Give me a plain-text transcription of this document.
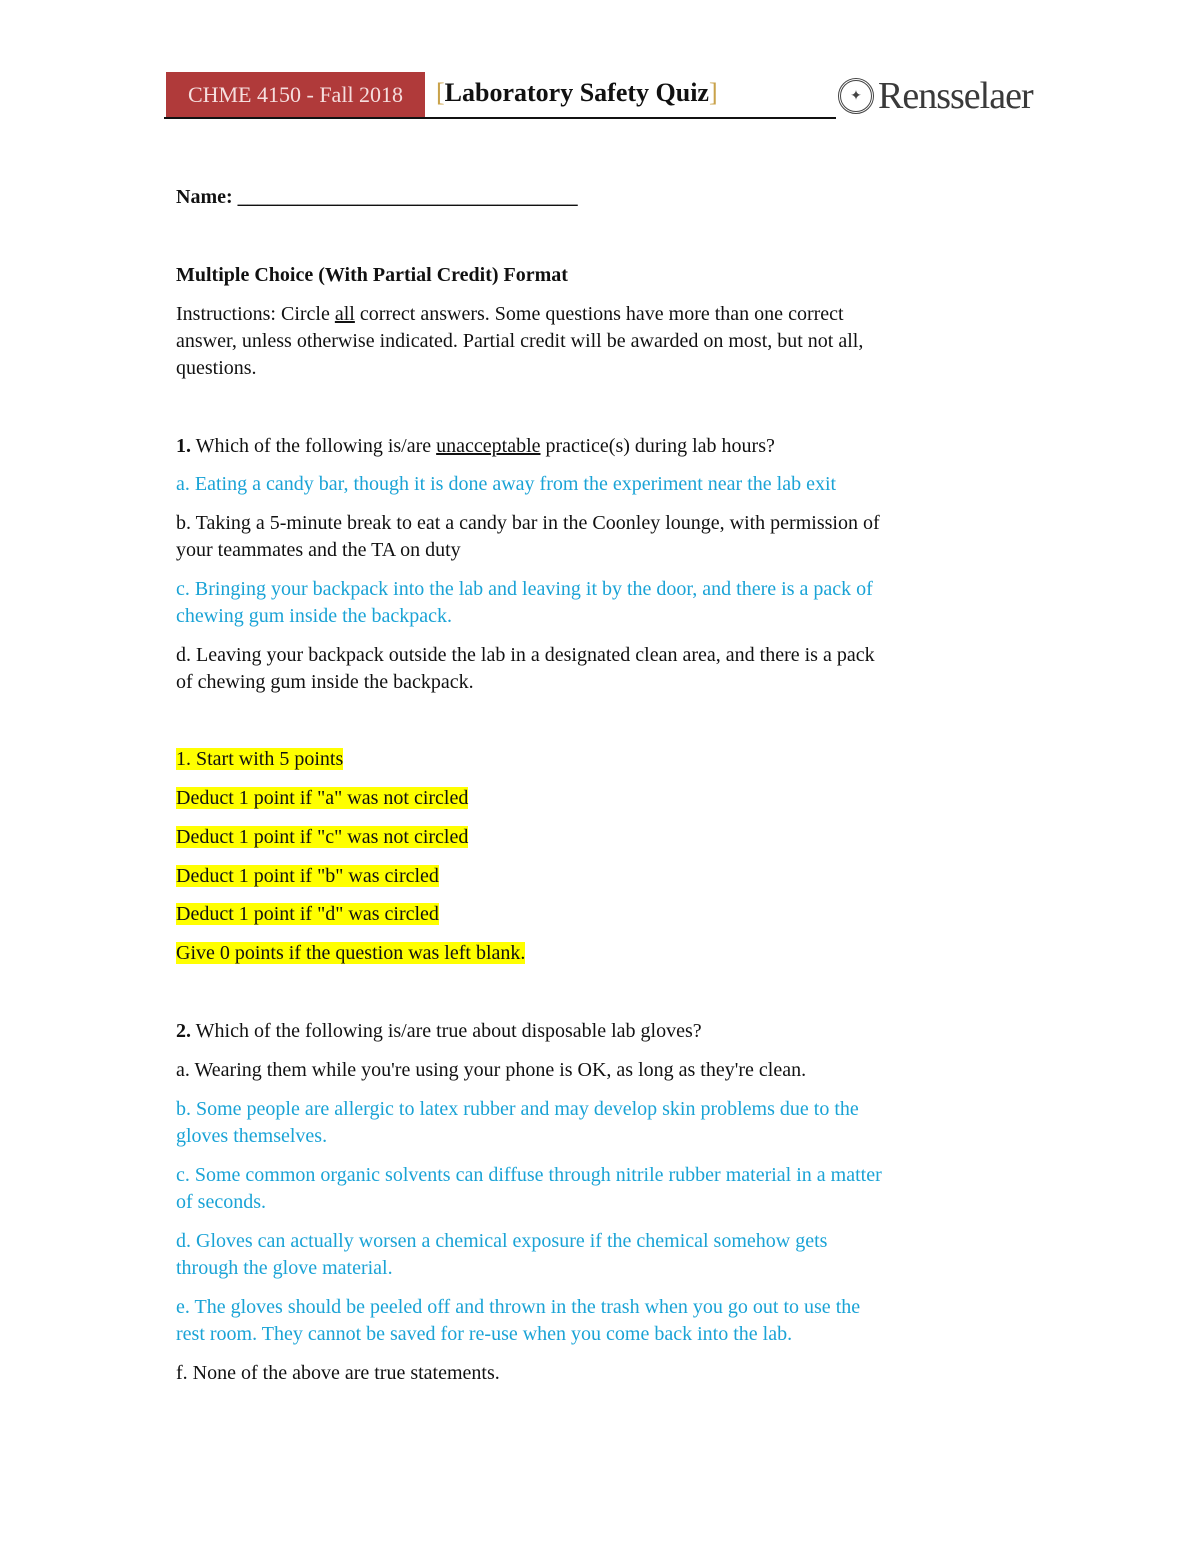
CHME 4150 - Fall 2018	[Laboratory Safety Quiz]	✦ Rensselaer
Name: __________________________________
Multiple Choice (With Partial Credit) Format
Instructions: Circle all correct answers. Some questions have more than one correct
answer, unless otherwise indicated. Partial credit will be awarded on most, but not all,
questions.
1. Which of the following is/are unacceptable practice(s) during lab hours?
a. Eating a candy bar, though it is done away from the experiment near the lab exit
b. Taking a 5-minute break to eat a candy bar in the Coonley lounge, with permission of
your teammates and the TA on duty
c. Bringing your backpack into the lab and leaving it by the door, and there is a pack of
chewing gum inside the backpack.
d. Leaving your backpack outside the lab in a designated clean area, and there is a pack
of chewing gum inside the backpack.
1. Start with 5 points
Deduct 1 point if "a" was not circled
Deduct 1 point if "c" was not circled
Deduct 1 point if "b" was circled
Deduct 1 point if "d" was circled
Give 0 points if the question was left blank.
2. Which of the following is/are true about disposable lab gloves?
a. Wearing them while you're using your phone is OK, as long as they're clean.
b. Some people are allergic to latex rubber and may develop skin problems due to the
gloves themselves.
c. Some common organic solvents can diffuse through nitrile rubber material in a matter
of seconds.
d. Gloves can actually worsen a chemical exposure if the chemical somehow gets
through the glove material.
e. The gloves should be peeled off and thrown in the trash when you go out to use the
rest room. They cannot be saved for re-use when you come back into the lab.
f. None of the above are true statements.
